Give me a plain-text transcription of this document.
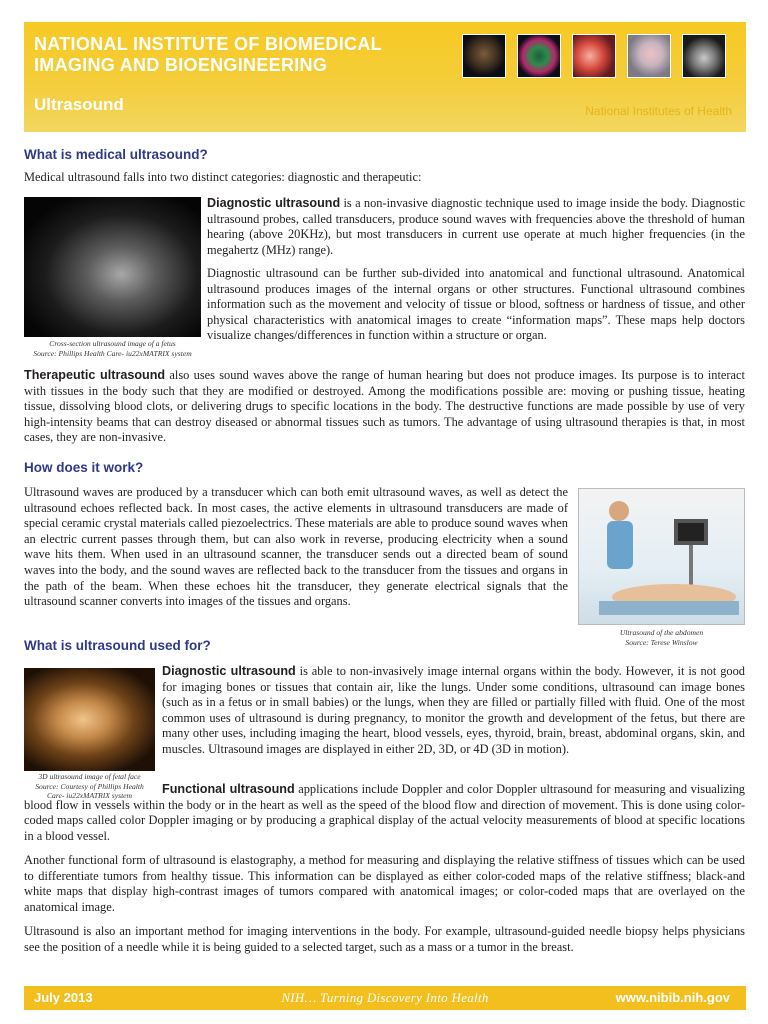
NATIONAL INSTITUTE OF BIOMEDICAL
IMAGING AND BIOENGINEERING
Ultrasound	National Institutes of Health
What is medical ultrasound?

Medical ultrasound falls into two distinct categories: diagnostic and therapeutic:

Cross-section ultrasound image of a fetus
Source: Phillips Health Care- iu22xMATRIX system

Diagnostic ultrasound is a non-invasive diagnostic technique used to image inside the body. Diagnostic ultrasound probes, called transducers, produce sound waves with frequencies above the threshold of human hearing (above 20KHz), but most transducers in current use operate at much higher frequencies (in the megahertz (MHz) range).

Diagnostic ultrasound can be further sub-divided into anatomical and functional ultrasound. Anatomical ultrasound produces images of the internal organs or other structures. Functional ultrasound combines information such as the movement and velocity of tissue or blood, softness or hardness of tissue, and other physical characteristics with anatomical images to create “information maps”. These maps help doctors visualize changes/differences in function within a structure or organ.

Therapeutic ultrasound also uses sound waves above the range of human hearing but does not produce images. Its purpose is to interact with tissues in the body such that they are modified or destroyed. Among the modifications possible are: moving or pushing tissue, heating tissue, dissolving blood clots, or delivering drugs to specific locations in the body. The destructive functions are made possible by use of very high-intensity beams that can destroy diseased or abnormal tissues such as tumors. The advantage of using ultrasound therapies is that, in most cases, they are non-invasive.

How does it work?

Ultrasound waves are produced by a transducer which can both emit ultrasound waves, as well as detect the ultrasound echoes reflected back. In most cases, the active elements in ultrasound transducers are made of special ceramic crystal materials called piezoelectrics. These materials are able to produce sound waves when an electric current passes through them, but can also work in reverse, producing electricity when a sound wave hits them. When used in an ultrasound scanner, the transducer sends out a directed beam of sound waves into the body, and the sound waves are reflected back to the transducer from the tissues and organs in the path of the beam. When these echoes hit the transducer, they generate electrical signals that the ultrasound scanner converts into images of the tissues and organs.

Ultrasound of the abdomen
Source: Terese Winslow
What is ultrasound used for?
3D ultrasound image of fetal face
Source: Courtesy of Phillips Health
Care- iu22xMATRIX system

Diagnostic ultrasound is able to non-invasively image internal organs within the body. However, it is not good for imaging bones or tissues that contain air, like the lungs. Under some conditions, ultrasound can image bones (such as in a fetus or in small babies) or the lungs, when they are filled or partially filled with fluid. One of the most common uses of ultrasound is during pregnancy, to monitor the growth and development of the fetus, but there are many other uses, including imaging the heart, blood vessels, eyes, thyroid, brain, breast, abdominal organs, skin, and muscles. Ultrasound images are displayed in either 2D, 3D, or 4D (3D in motion).

Functional ultrasound applications include Doppler and color Doppler ultrasound for measuring and visualizing blood flow in vessels within the body or in the heart as well as the speed of the blood flow and direction of movement. This is done using color-coded maps called color Doppler imaging or by producing a graphical display of the actual velocity measurements of blood at specific locations in a blood vessel.

Another functional form of ultrasound is elastography, a method for measuring and displaying the relative stiffness of tissues which can be used to differentiate tumors from healthy tissue. This information can be displayed as either color-coded maps of the relative stiffness; black-and white maps that display high-contrast images of tumors compared with anatomical images; or color-coded maps that are overlayed on the anatomical image.

Ultrasound is also an important method for imaging interventions in the body. For example, ultrasound-guided needle biopsy helps physicians see the position of a needle while it is being guided to a selected target, such as a mass or a tumor in the breast.

July 2013	NIH… Turning Discovery Into Health	www.nibib.nih.gov
